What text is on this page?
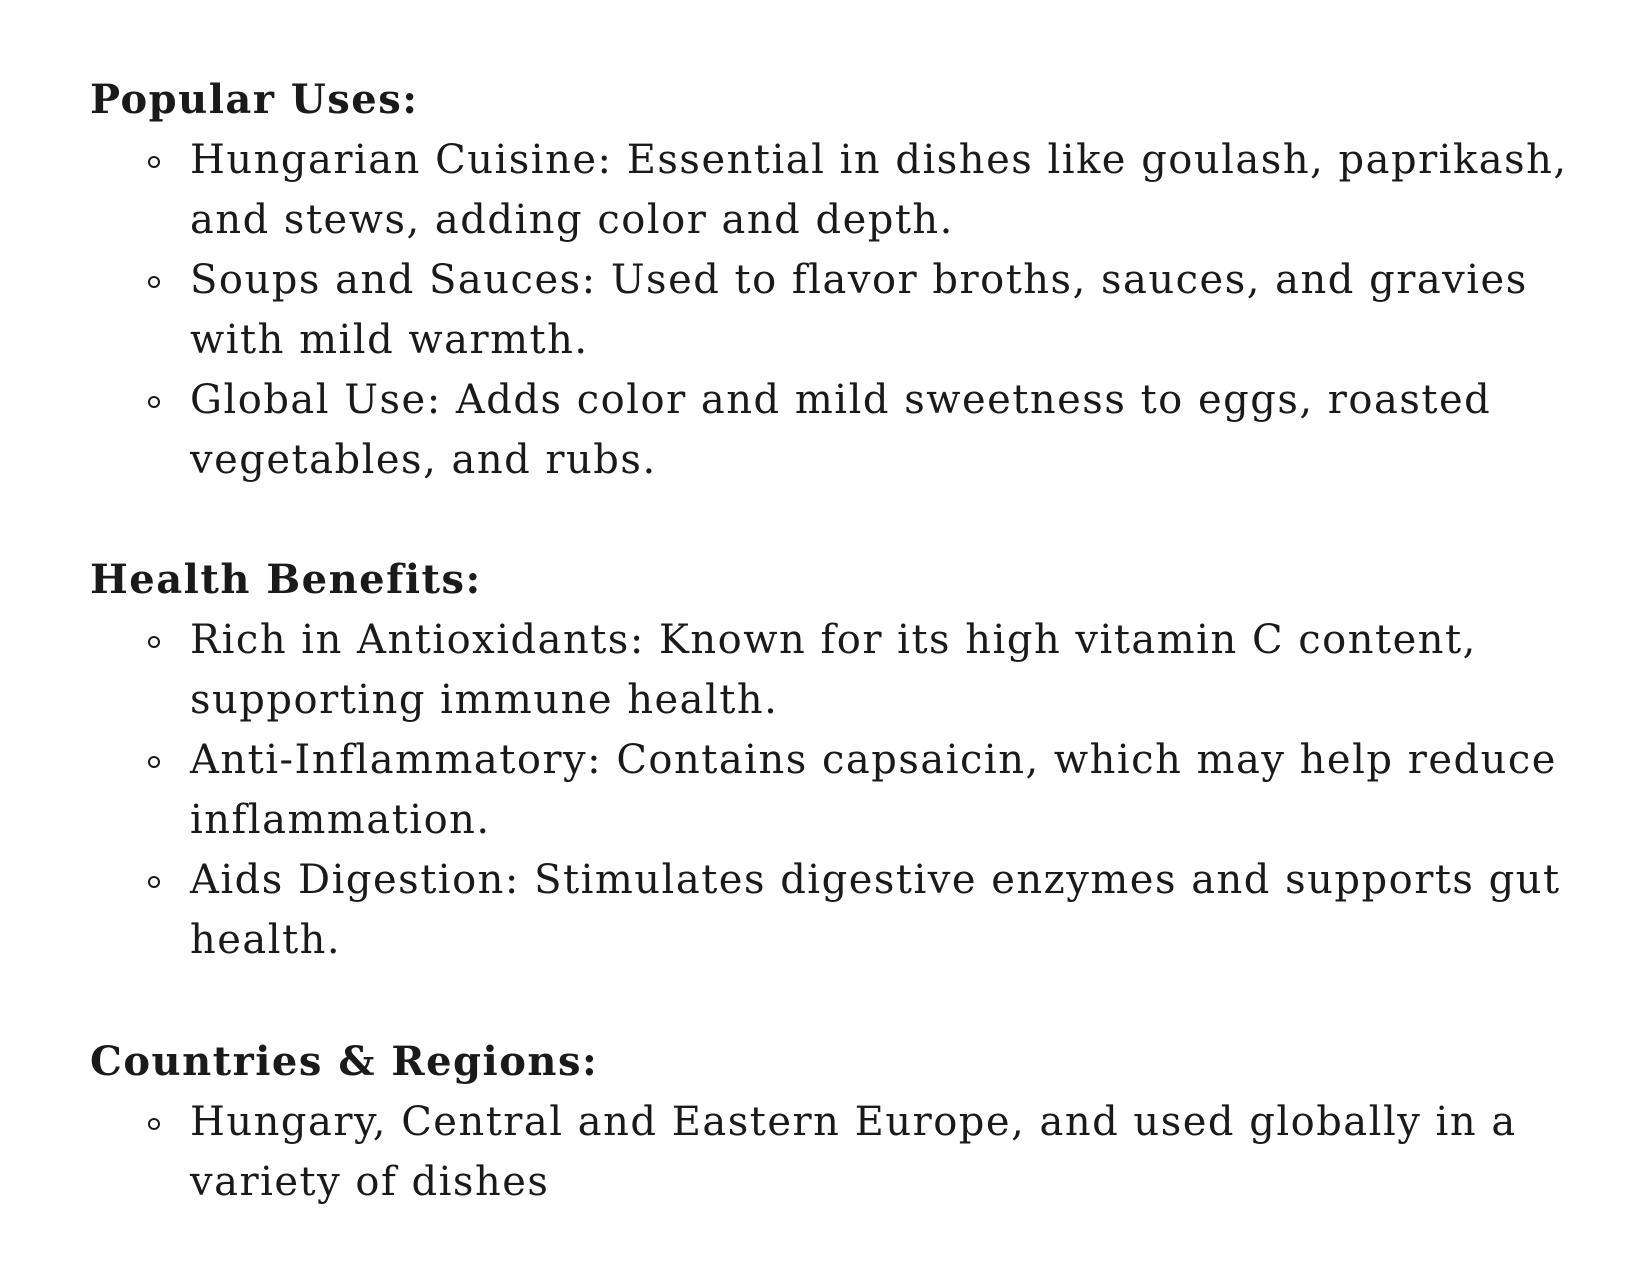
Popular Uses:
Hungarian Cuisine: Essential in dishes like goulash, paprikash, and stews, adding color and depth.
Soups and Sauces: Used to flavor broths, sauces, and gravies with mild warmth.
Global Use: Adds color and mild sweetness to eggs, roasted vegetables, and rubs.
Health Benefits:
Rich in Antioxidants: Known for its high vitamin C content, supporting immune health.
Anti-Inflammatory: Contains capsaicin, which may help reduce inflammation.
Aids Digestion: Stimulates digestive enzymes and supports gut health.
Countries & Regions:
Hungary, Central and Eastern Europe, and used globally in a variety of dishes
